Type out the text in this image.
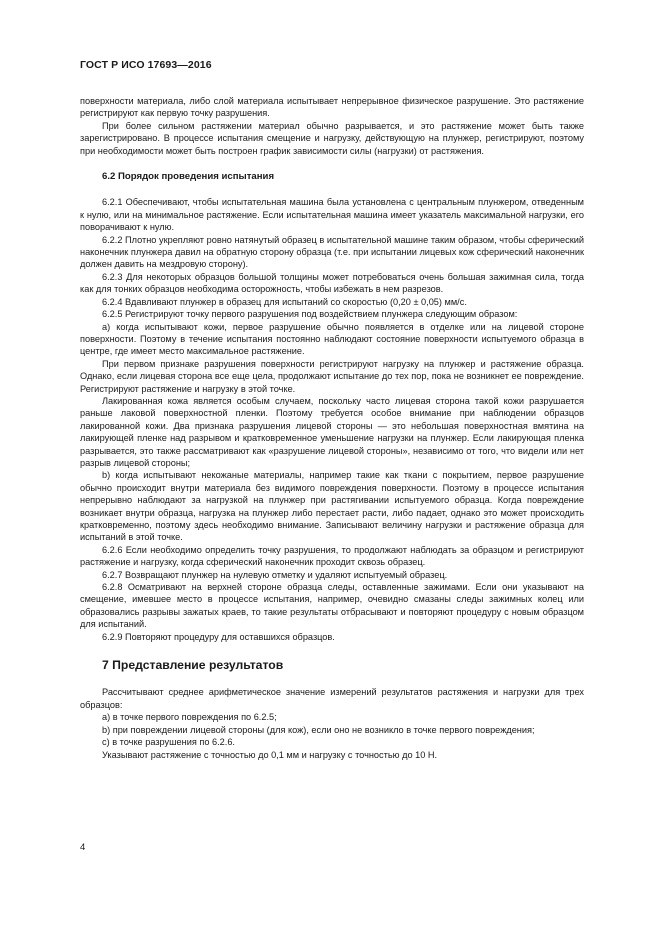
ГОСТ Р ИСО 17693—2016

поверхности материала, либо слой материала испытывает непрерывное физическое разрушение. Это растяжение регистрируют как первую точку разрушения.

При более сильном растяжении материал обычно разрывается, и это растяжение может быть также зарегистрировано. В процессе испытания смещение и нагрузку, действующую на плунжер, регистрируют, поэтому при необходимости может быть построен график зависимости силы (нагрузки) от растяжения.

6.2 Порядок проведения испытания

6.2.1 Обеспечивают, чтобы испытательная машина была установлена с центральным плунжером, отведенным к нулю, или на минимальное растяжение. Если испытательная машина имеет указатель максимальной нагрузки, его поворачивают к нулю.

6.2.2 Плотно укрепляют ровно натянутый образец в испытательной машине таким образом, чтобы сферический наконечник плунжера давил на обратную сторону образца (т.е. при испытании лицевых кож сферический наконечник должен давить на мездровую сторону).

6.2.3 Для некоторых образцов большой толщины может потребоваться очень большая зажимная сила, тогда как для тонких образцов необходима осторожность, чтобы избежать в нем разрезов.

6.2.4 Вдавливают плунжер в образец для испытаний со скоростью (0,20 ± 0,05) мм/с.

6.2.5 Регистрируют точку первого разрушения под воздействием плунжера следующим образом:

а) когда испытывают кожи, первое разрушение обычно появляется в отделке или на лицевой стороне поверхности. Поэтому в течение испытания постоянно наблюдают состояние поверхности испытуемого образца в центре, где имеет место максимальное растяжение.

При первом признаке разрушения поверхности регистрируют нагрузку на плунжер и растяжение образца. Однако, если лицевая сторона все еще цела, продолжают испытание до тех пор, пока не возникнет ее повреждение. Регистрируют растяжение и нагрузку в этой точке.

Лакированная кожа является особым случаем, поскольку часто лицевая сторона такой кожи разрушается раньше лаковой поверхностной пленки. Поэтому требуется особое внимание при наблюдении образцов лакированной кожи. Два признака разрушения лицевой стороны — это небольшая поверхностная вмятина на лакирующей пленке над разрывом и кратковременное уменьшение нагрузки на плунжер. Если лакирующая пленка разрывается, это также рассматривают как «разрушение лицевой стороны», независимо от того, что видели или нет разрыв лицевой стороны;

b) когда испытывают некожаные материалы, например такие как ткани с покрытием, первое разрушение обычно происходит внутри материала без видимого повреждения поверхности. Поэтому в процессе испытания непрерывно наблюдают за нагрузкой на плунжер при растягивании испытуемого образца. Когда повреждение возникает внутри образца, нагрузка на плунжер либо перестает расти, либо падает, однако это может происходить кратковременно, поэтому здесь необходимо внимание. Записывают величину нагрузки и растяжение образца для испытаний в этой точке.

6.2.6 Если необходимо определить точку разрушения, то продолжают наблюдать за образцом и регистрируют растяжение и нагрузку, когда сферический наконечник проходит сквозь образец.

6.2.7 Возвращают плунжер на нулевую отметку и удаляют испытуемый образец.

6.2.8 Осматривают на верхней стороне образца следы, оставленные зажимами. Если они указывают на смещение, имевшее место в процессе испытания, например, очевидно смазаны следы зажимных колец или образовались разрывы зажатых краев, то такие результаты отбрасывают и повторяют процедуру с новым образцом для испытаний.

6.2.9 Повторяют процедуру для оставшихся образцов.

7 Представление результатов

Рассчитывают среднее арифметическое значение измерений результатов растяжения и нагрузки для трех образцов:

a) в точке первого повреждения по 6.2.5;

b) при повреждении лицевой стороны (для кож), если оно не возникло в точке первого повреждения;

c) в точке разрушения по 6.2.6.

Указывают растяжение с точностью до 0,1 мм и нагрузку с точностью до 10 Н.

4
